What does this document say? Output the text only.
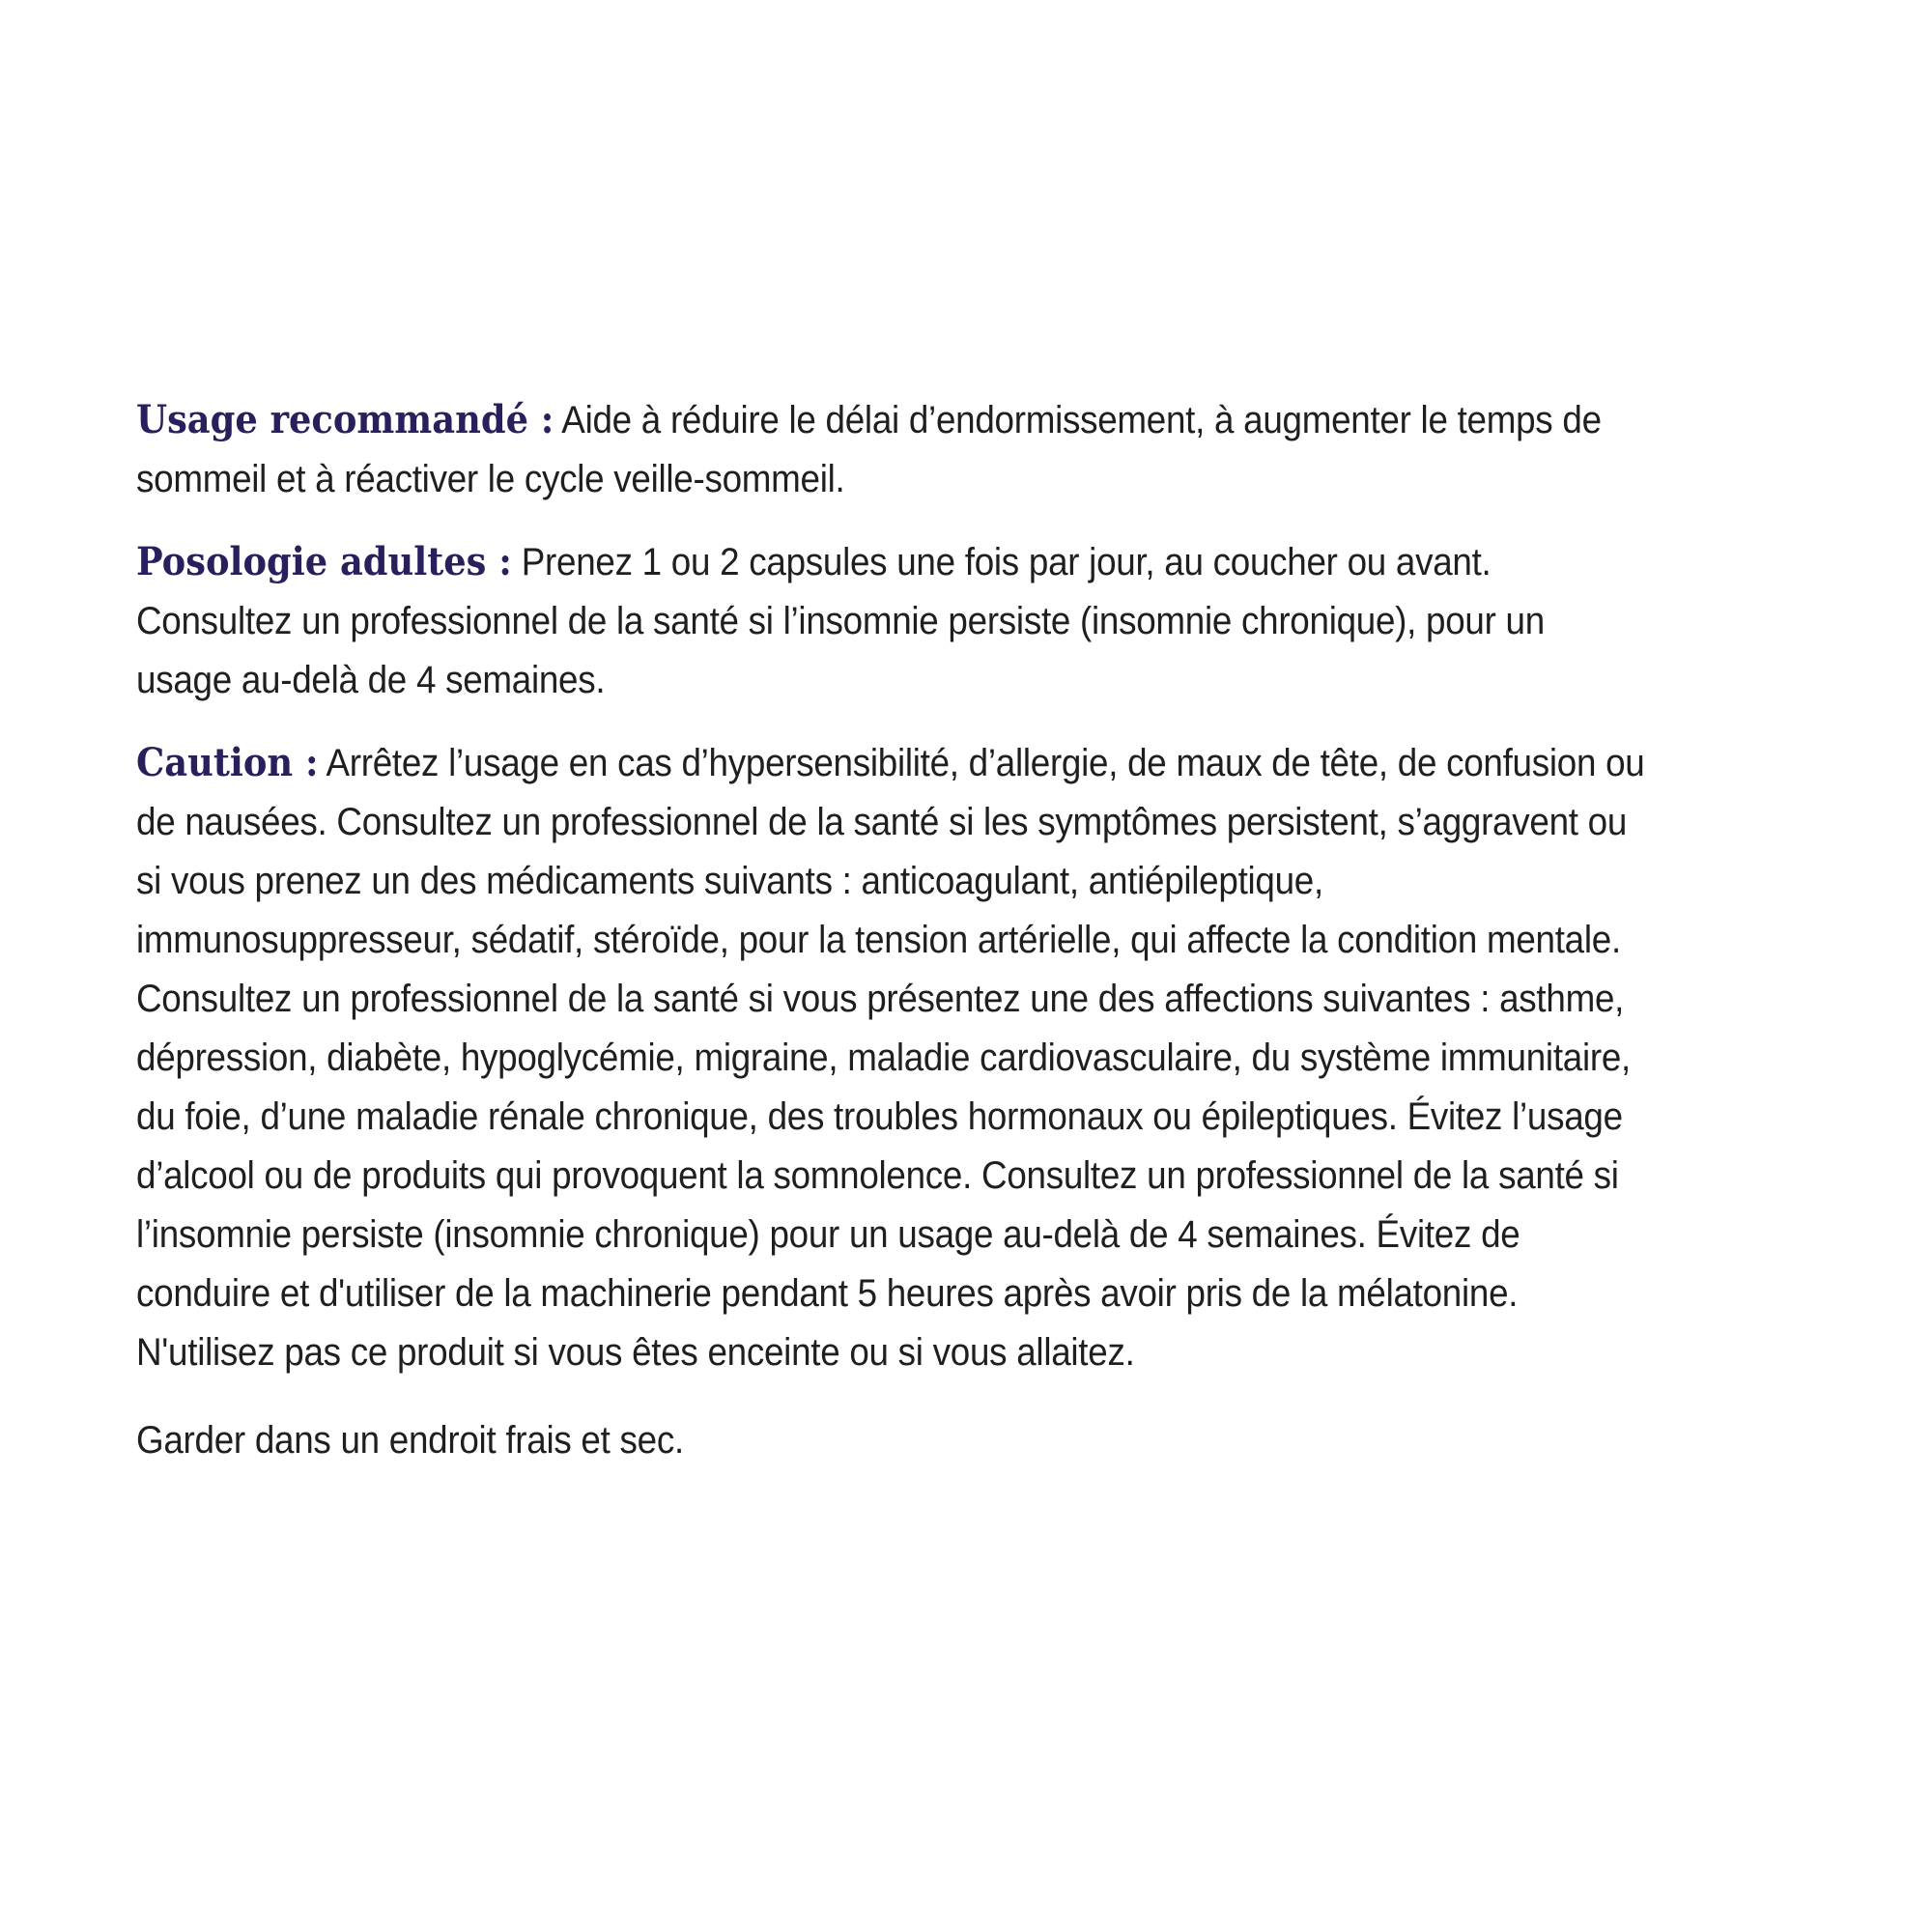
Usage recommandé : Aide à réduire le délai d’endormissement, à augmenter le temps de sommeil et à réactiver le cycle veille-sommeil.

Posologie adultes : Prenez 1 ou 2 capsules une fois par jour, au coucher ou avant. Consultez un professionnel de la santé si l’insomnie persiste (insomnie chronique), pour un usage au-delà de 4 semaines.

Caution : Arrêtez l’usage en cas d’hypersensibilité, d’allergie, de maux de tête, de confusion ou de nausées. Consultez un professionnel de la santé si les symptômes persistent, s’aggravent ou si vous prenez un des médicaments suivants : anticoagulant, antiépileptique, immunosuppresseur, sédatif, stéroïde, pour la tension artérielle, qui affecte la condition mentale. Consultez un professionnel de la santé si vous présentez une des affections suivantes : asthme, dépression, diabète, hypoglycémie, migraine, maladie cardiovasculaire, du système immunitaire, du foie, d’une maladie rénale chronique, des troubles hormonaux ou épileptiques. Évitez l’usage d’alcool ou de produits qui provoquent la somnolence. Consultez un professionnel de la santé si l’insomnie persiste (insomnie chronique) pour un usage au-delà de 4 semaines. Évitez de conduire et d'utiliser de la machinerie pendant 5 heures après avoir pris de la mélatonine. N'utilisez pas ce produit si vous êtes enceinte ou si vous allaitez.

Garder dans un endroit frais et sec.
